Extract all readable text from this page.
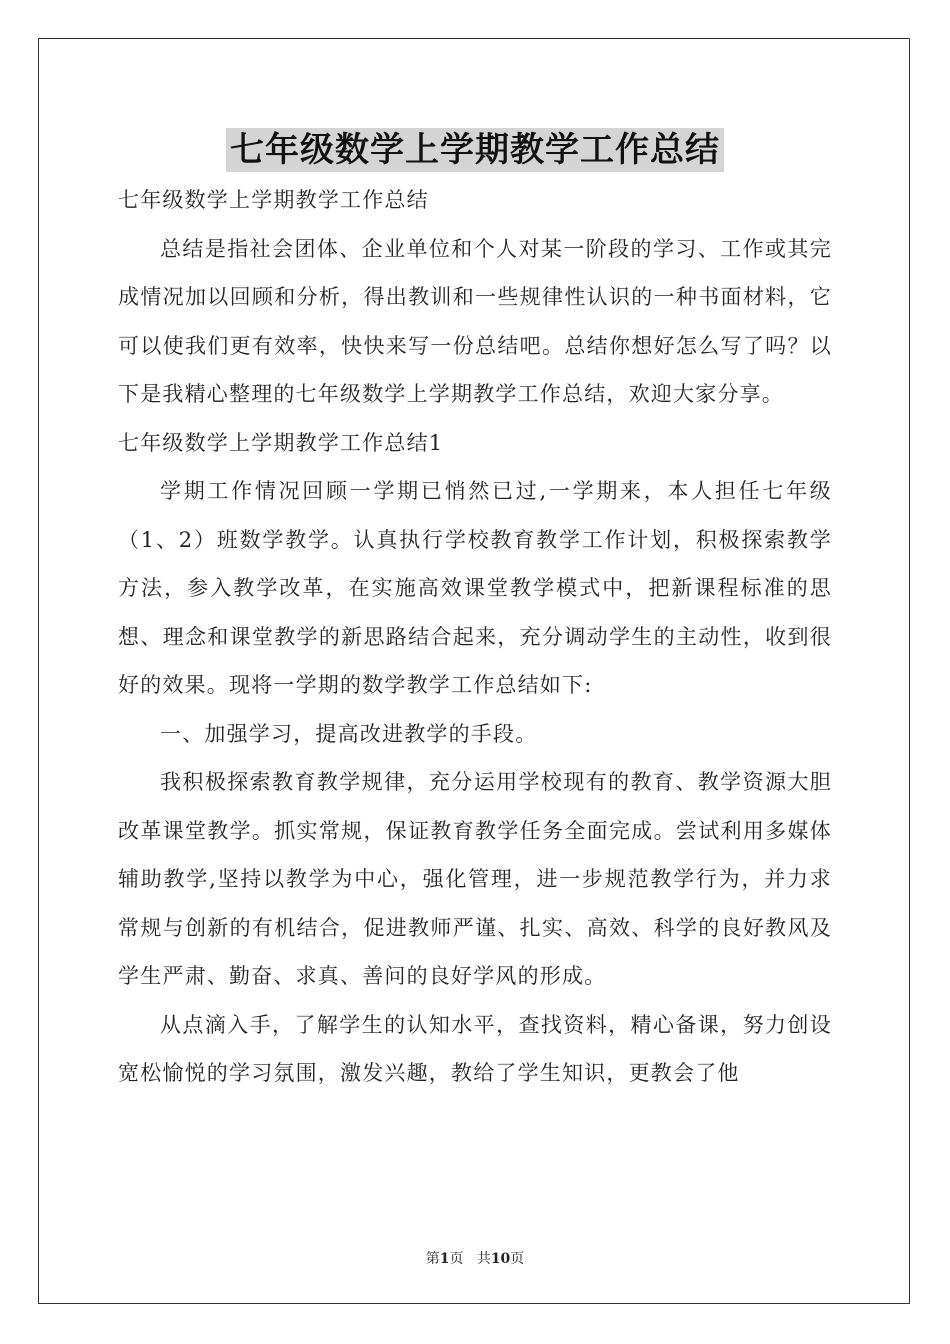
七年级数学上学期教学工作总结

七年级数学上学期教学工作总结

总结是指社会团体、企业单位和个人对某一阶段的学习、工作或其完成情况加以回顾和分析，得出教训和一些规律性认识的一种书面材料，它可以使我们更有效率，快快来写一份总结吧。总结你想好怎么写了吗？以下是我精心整理的七年级数学上学期教学工作总结，欢迎大家分享。

七年级数学上学期教学工作总结1

学期工作情况回顾一学期已悄然已过,一学期来，本人担任七年级（1、2）班数学教学。认真执行学校教育教学工作计划，积极探索教学方法，参入教学改革，在实施高效课堂教学模式中，把新课程标准的思想、理念和课堂教学的新思路结合起来，充分调动学生的主动性，收到很好的效果。现将一学期的数学教学工作总结如下:

一、加强学习，提高改进教学的手段。

我积极探索教育教学规律，充分运用学校现有的教育、教学资源大胆改革课堂教学。抓实常规，保证教育教学任务全面完成。尝试利用多媒体辅助教学,坚持以教学为中心，强化管理，进一步规范教学行为，并力求常规与创新的有机结合，促进教师严谨、扎实、高效、科学的良好教风及学生严肃、勤奋、求真、善问的良好学风的形成。

从点滴入手，了解学生的认知水平，查找资料，精心备课，努力创设宽松愉悦的学习氛围，激发兴趣，教给了学生知识，更教会了他

第1页 共10页
